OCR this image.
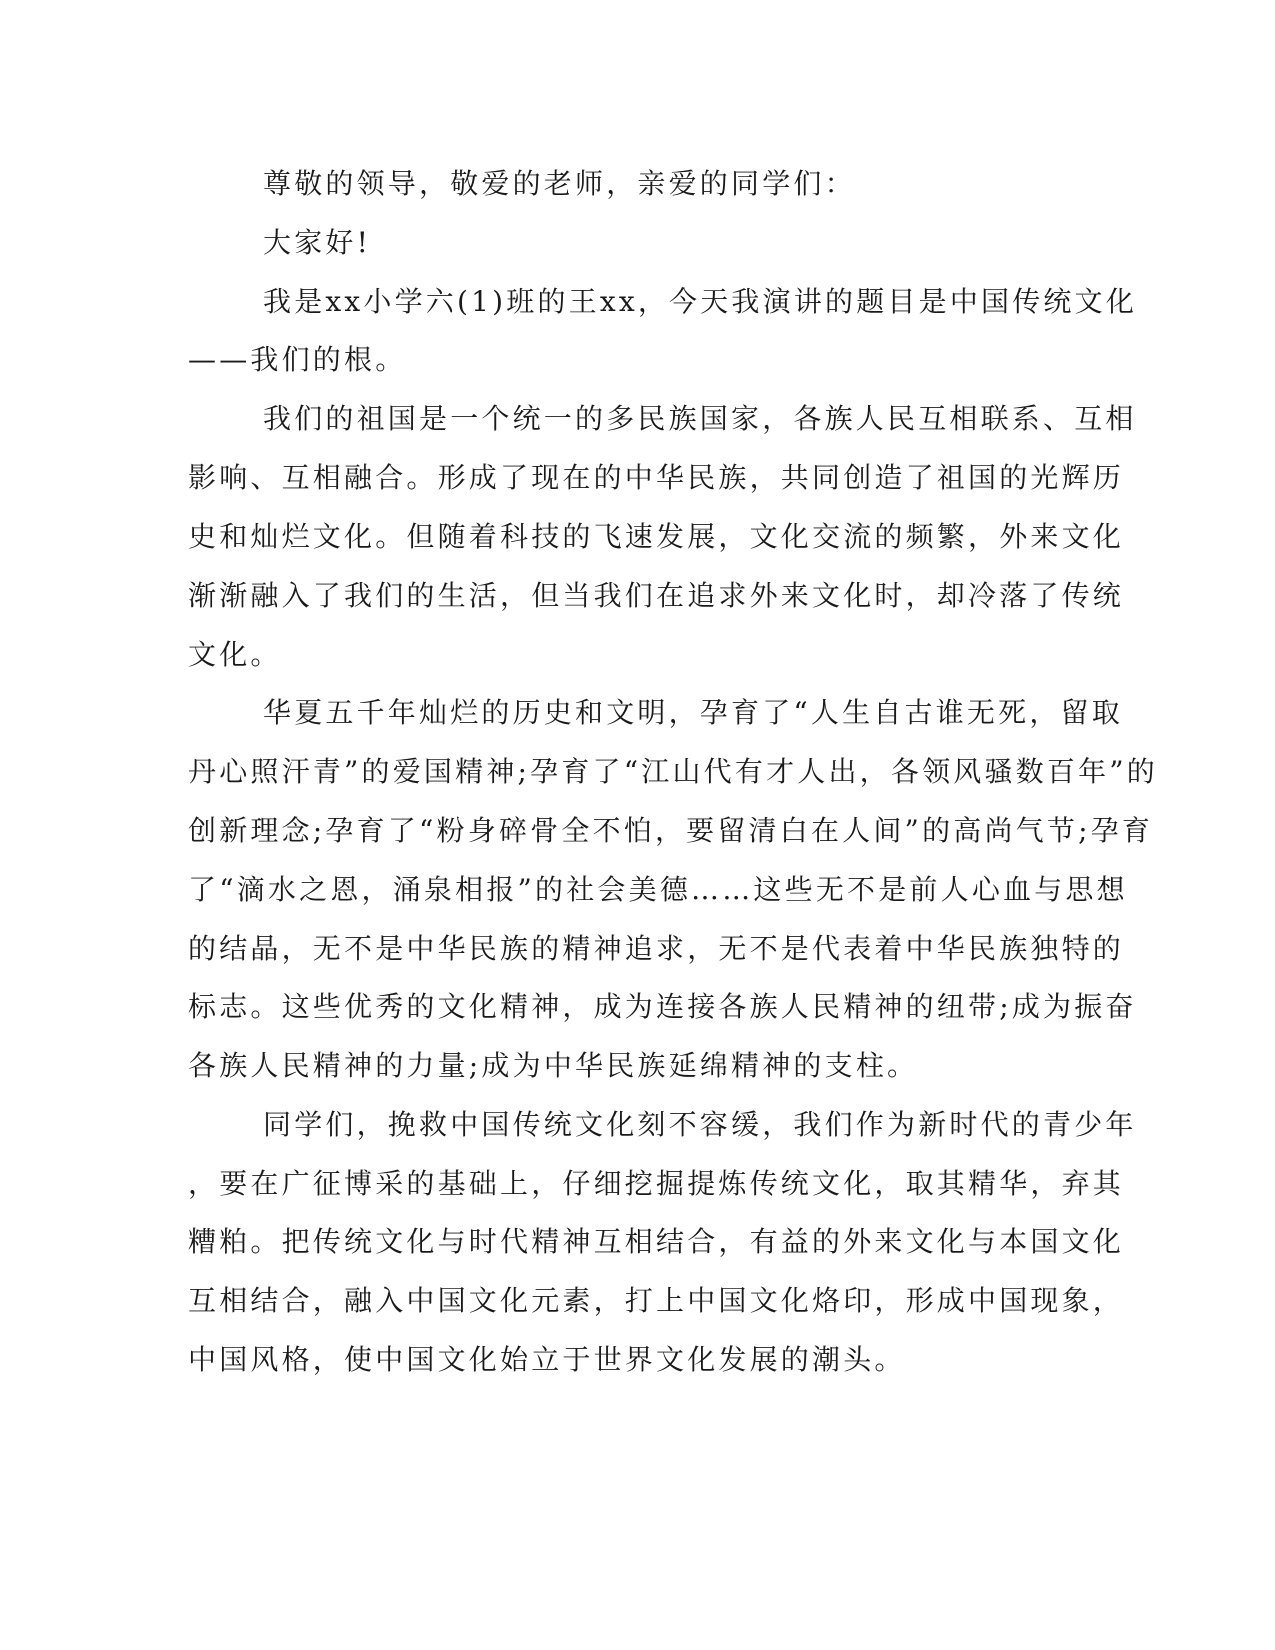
尊敬的领导，敬爱的老师，亲爱的同学们：
大家好!
我是xx小学六(1)班的王xx，今天我演讲的题目是中国传统文化
——我们的根。
我们的祖国是一个统一的多民族国家，各族人民互相联系、互相
影响、互相融合。形成了现在的中华民族，共同创造了祖国的光辉历
史和灿烂文化。但随着科技的飞速发展，文化交流的频繁，外来文化
渐渐融入了我们的生活，但当我们在追求外来文化时，却冷落了传统
文化。
华夏五千年灿烂的历史和文明，孕育了“人生自古谁无死，留取
丹心照汗青”的爱国精神;孕育了“江山代有才人出，各领风骚数百年”的
创新理念;孕育了“粉身碎骨全不怕，要留清白在人间”的高尚气节;孕育
了“滴水之恩，涌泉相报”的社会美德……这些无不是前人心血与思想
的结晶，无不是中华民族的精神追求，无不是代表着中华民族独特的
标志。这些优秀的文化精神，成为连接各族人民精神的纽带;成为振奋
各族人民精神的力量;成为中华民族延绵精神的支柱。
同学们，挽救中国传统文化刻不容缓，我们作为新时代的青少年
，要在广征博采的基础上，仔细挖掘提炼传统文化，取其精华，弃其
糟粕。把传统文化与时代精神互相结合，有益的外来文化与本国文化
互相结合，融入中国文化元素，打上中国文化烙印，形成中国现象，
中国风格，使中国文化始立于世界文化发展的潮头。
